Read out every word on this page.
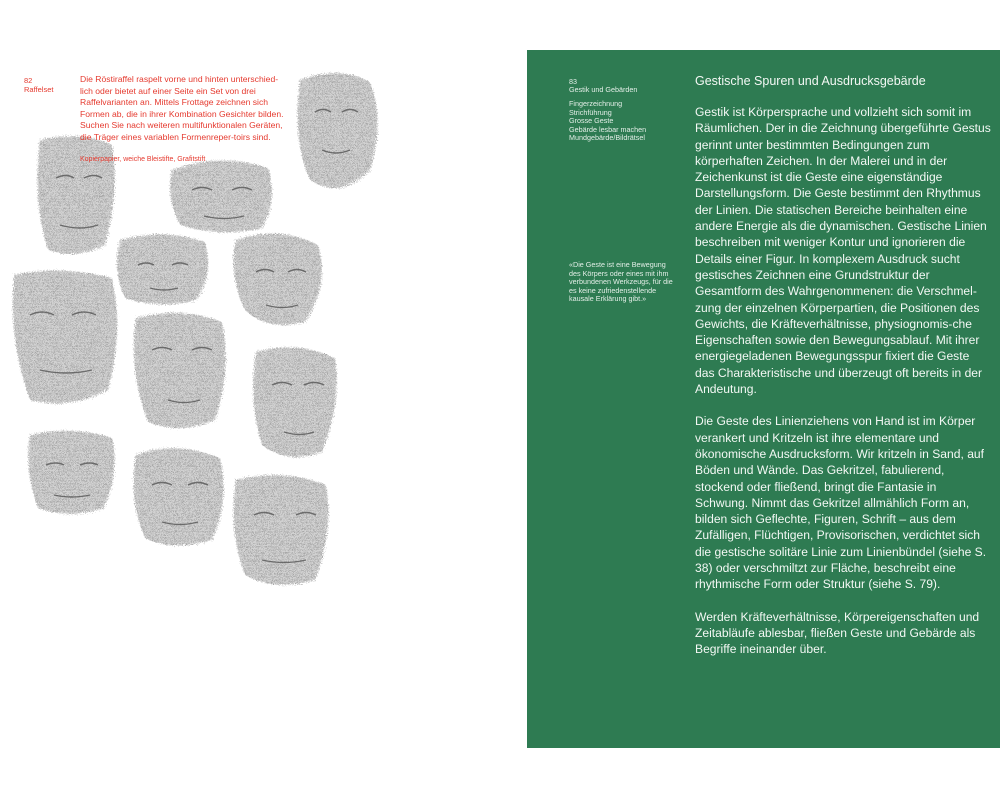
82
Raffelset

Die Röstiraffel raspelt vorne und hinten unterschied-lich oder bietet auf einer Seite ein Set von drei Raffelvarianten an. Mittels Frottage zeichnen sich Formen ab, die in ihrer Kombination Gesichter bilden. Suchen Sie nach weiteren multifunktionalen Geräten, die Träger eines variablen Formenreper-toirs sind.

Kopierpapier, weiche Bleistifte, Grafitstift
83
Gestik und Gebärden
Fingerzeichnung
Strichführung
Grosse Geste
Gebärde lesbar machen
Mundgebärde/Bildrätsel

«Die Geste ist eine Bewegung des Körpers oder eines mit ihm verbundenen Werkzeugs, für die es keine zufriedenstellende kausale Erklärung gibt.»

Gestische Spuren und Ausdrucksgebärde

Gestik ist Körpersprache und vollzieht sich somit im Räumlichen. Der in die Zeichnung übergeführte Gestus gerinnt unter bestimmten Bedingungen zum körperhaften Zeichen. In der Malerei und in der Zeichenkunst ist die Geste eine eigenständige Darstellungsform. Die Geste bestimmt den Rhythmus der Linien. Die statischen Bereiche beinhalten eine andere Energie als die dynamischen. Gestische Linien beschreiben mit weniger Kontur und ignorieren die Details einer Figur. In komplexem Ausdruck sucht gestisches Zeichnen eine Grundstruktur der Gesamtform des Wahrgenommenen: die Verschmel-zung der einzelnen Körperpartien, die Positionen des Gewichts, die Kräfteverhältnisse, physiognomis-che Eigenschaften sowie den Bewegungsablauf. Mit ihrer energiegeladenen Bewegungsspur fixiert die Geste das Charakteristische und überzeugt oft bereits in der Andeutung.

Die Geste des Linienziehens von Hand ist im Körper verankert und Kritzeln ist ihre elementare und ökonomische Ausdrucksform. Wir kritzeln in Sand, auf Böden und Wände. Das Gekritzel, fabulierend, stockend oder fließend, bringt die Fantasie in Schwung. Nimmt das Gekritzel allmählich Form an, bilden sich Geflechte, Figuren, Schrift – aus dem Zufälligen, Flüchtigen, Provisorischen, verdichtet sich die gestische solitäre Linie zum Linienbündel (siehe S. 38) oder verschmiltzt zur Fläche, beschreibt eine rhythmische Form oder Struktur (siehe S. 79).

Werden Kräfteverhältnisse, Körpereigenschaften und Zeitabläufe ablesbar, fließen Geste und Gebärde als Begriffe ineinander über.
